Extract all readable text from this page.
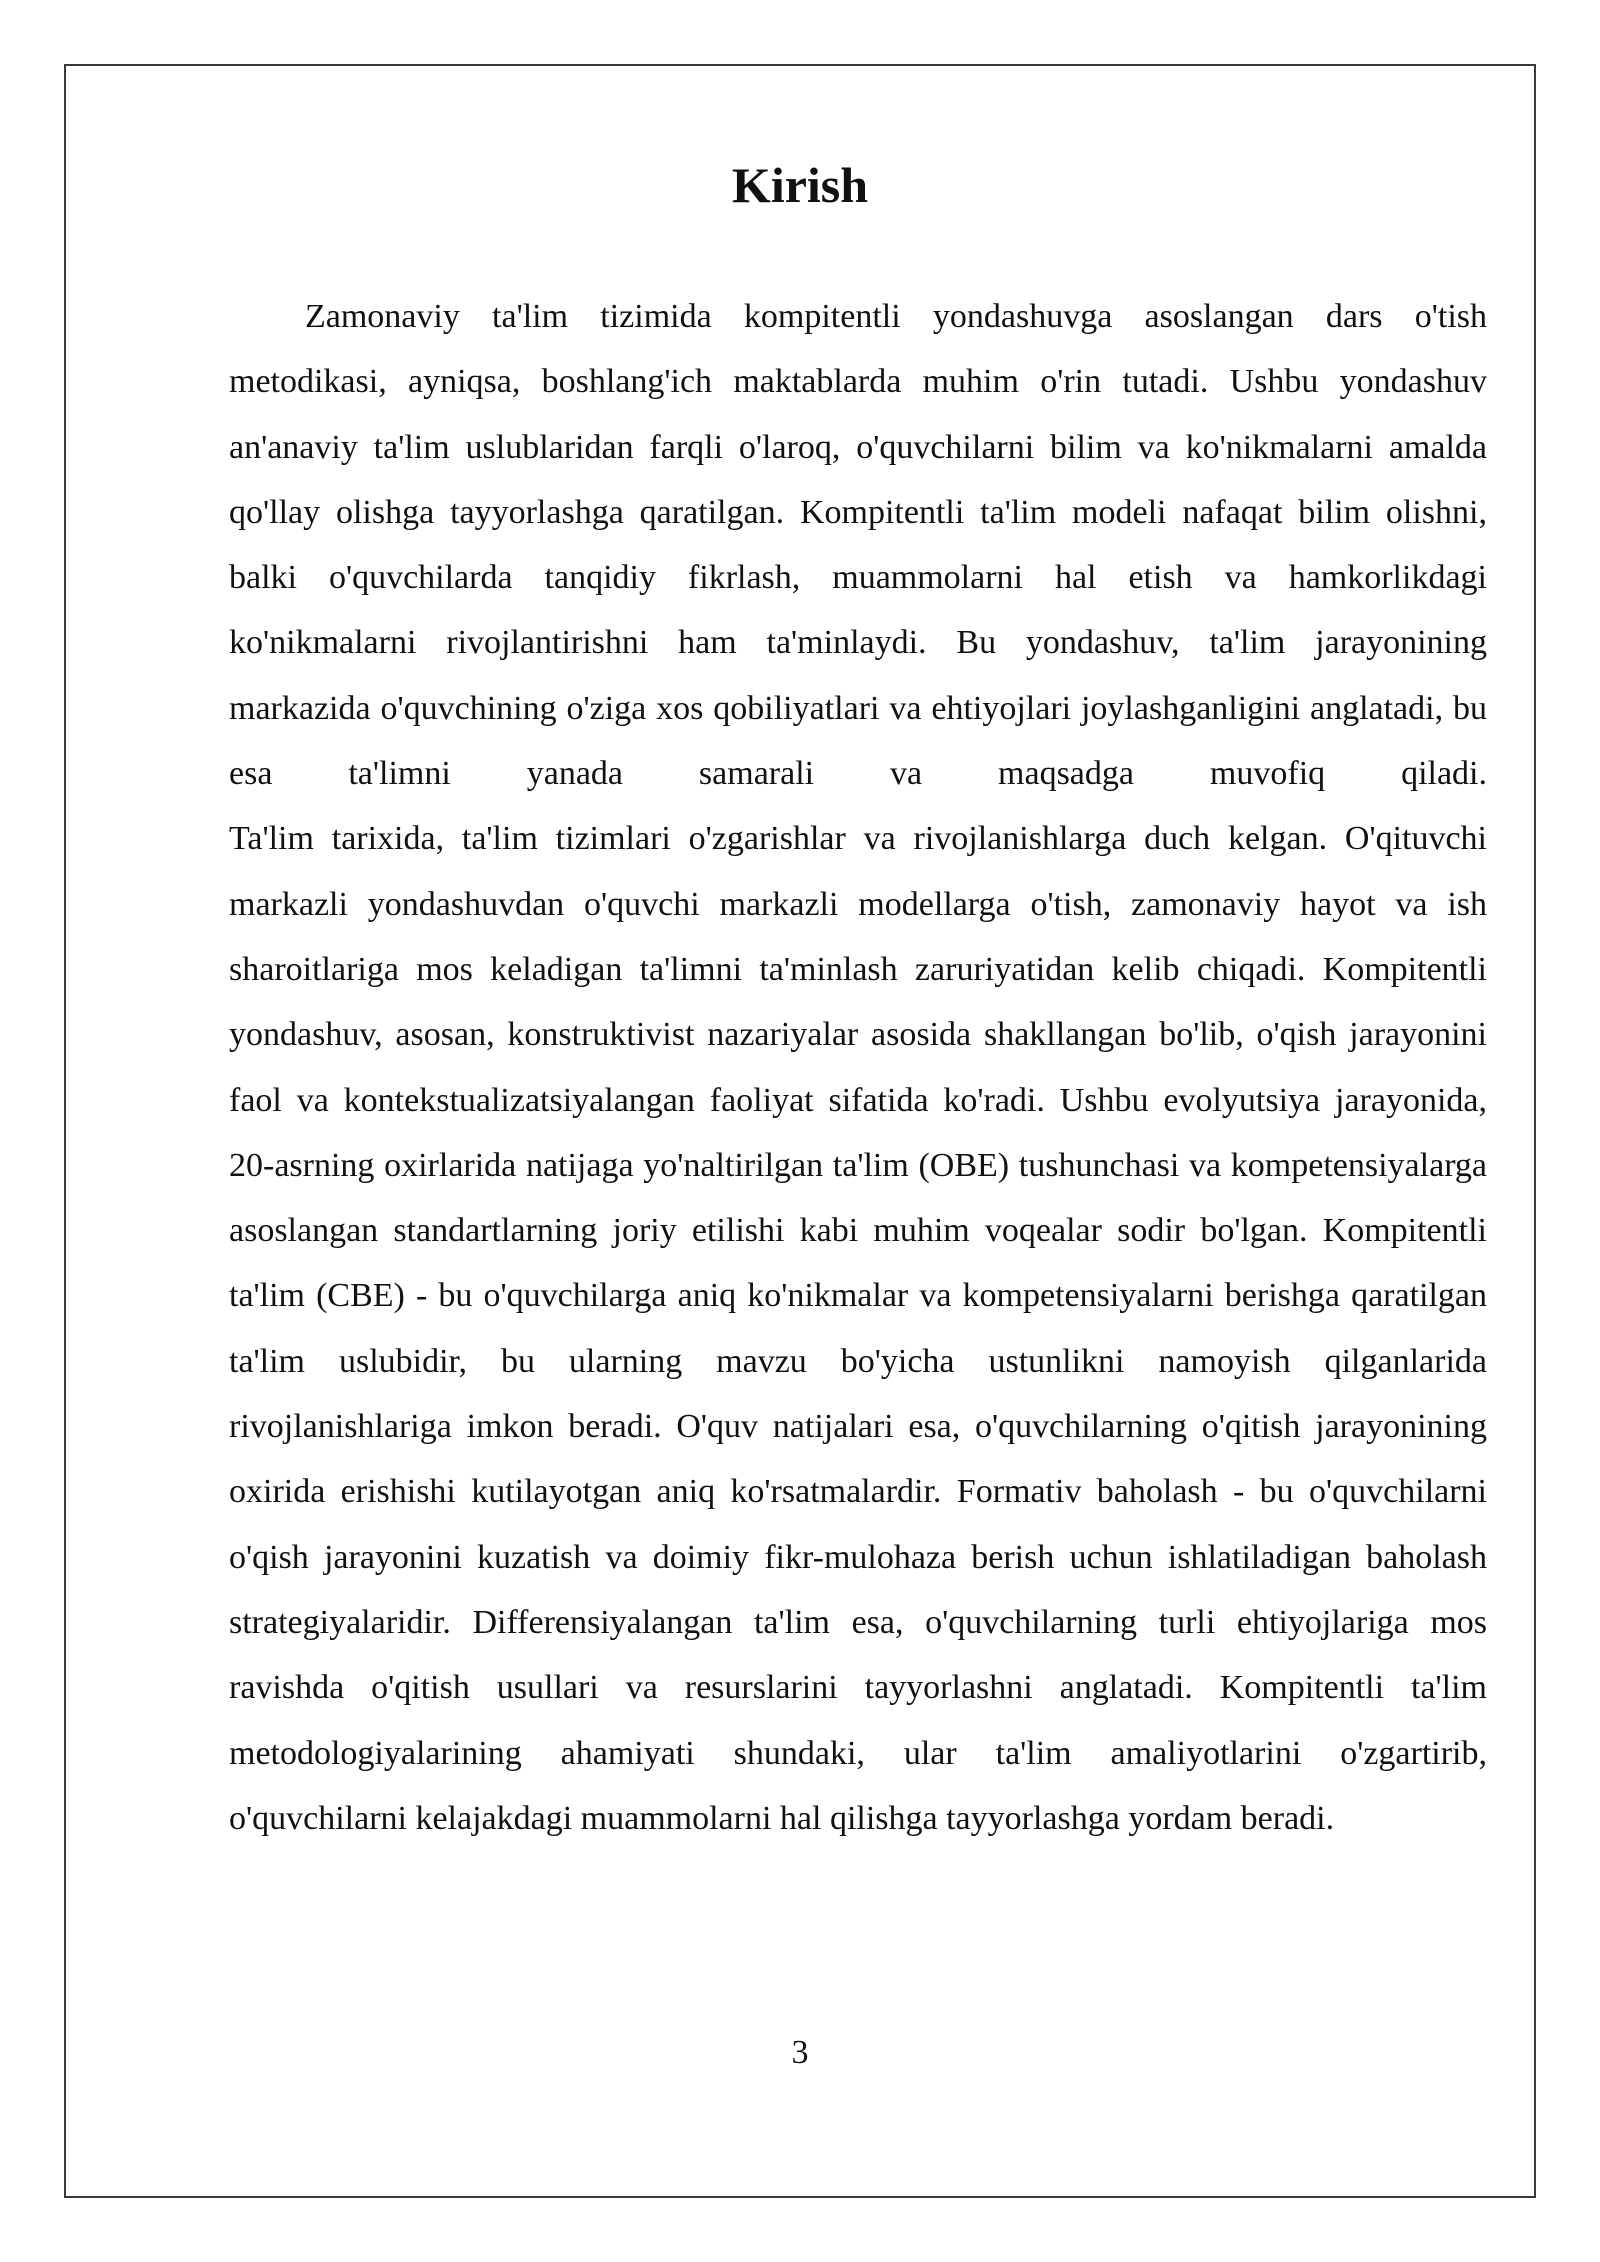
Kirish

Zamonaviy ta'lim tizimida kompitentli yondashuvga asoslangan dars o'tish metodikasi, ayniqsa, boshlang'ich maktablarda muhim o'rin tutadi. Ushbu yondashuv an'anaviy ta'lim uslublaridan farqli o'laroq, o'quvchilarni bilim va ko'nikmalarni amalda qo'llay olishga tayyorlashga qaratilgan. Kompitentli ta'lim modeli nafaqat bilim olishni, balki o'quvchilarda tanqidiy fikrlash, muammolarni hal etish va hamkorlikdagi ko'nikmalarni rivojlantirishni ham ta'minlaydi. Bu yondashuv, ta'lim jarayonining markazida o'quvchining o'ziga xos qobiliyatlari va ehtiyojlari joylashganligini anglatadi, bu esa ta'limni yanada samarali va maqsadga muvofiq qiladi.

Ta'lim tarixida, ta'lim tizimlari o'zgarishlar va rivojlanishlarga duch kelgan. O'qituvchi markazli yondashuvdan o'quvchi markazli modellarga o'tish, zamonaviy hayot va ish sharoitlariga mos keladigan ta'limni ta'minlash zaruriyatidan kelib chiqadi. Kompitentli yondashuv, asosan, konstruktivist nazariyalar asosida shakllangan bo'lib, o'qish jarayonini faol va kontekstualizatsiyalangan faoliyat sifatida ko'radi. Ushbu evolyutsiya jarayonida, 20-asrning oxirlarida natijaga yo'naltirilgan ta'lim (OBE) tushunchasi va kompetensiyalarga asoslangan standartlarning joriy etilishi kabi muhim voqealar sodir bo'lgan. Kompitentli ta'lim (CBE) - bu o'quvchilarga aniq ko'nikmalar va kompetensiyalarni berishga qaratilgan ta'lim uslubidir, bu ularning mavzu bo'yicha ustunlikni namoyish qilganlarida rivojlanishlariga imkon beradi. O'quv natijalari esa, o'quvchilarning o'qitish jarayonining oxirida erishishi kutilayotgan aniq ko'rsatmalardir. Formativ baholash - bu o'quvchilarni o'qish jarayonini kuzatish va doimiy fikr-mulohaza berish uchun ishlatiladigan baholash strategiyalaridir. Differensiyalangan ta'lim esa, o'quvchilarning turli ehtiyojlariga mos ravishda o'qitish usullari va resurslarini tayyorlashni anglatadi. Kompitentli ta'lim metodologiyalarining ahamiyati shundaki, ular ta'lim amaliyotlarini o'zgartirib, o'quvchilarni kelajakdagi muammolarni hal qilishga tayyorlashga yordam beradi.

3
